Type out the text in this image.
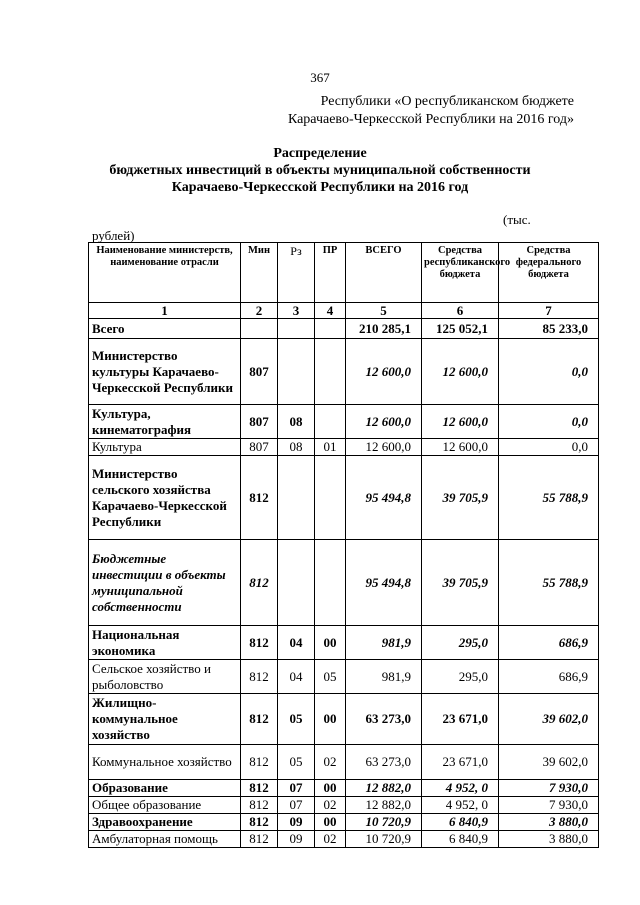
367
Республики «О республиканском бюджете
Карачаево-Черкесской Республики на 2016 год»
Распределение
бюджетных инвестиций в объекты муниципальной собственности
Карачаево-Черкесской Республики на 2016 год
(тыс.
рублей)
Наименование министерств, наименование отрасли	Мин	Рз	ПР	ВСЕГО	Средства республиканского бюджета	Средства федерального бюджета
1	2	3	4	5	6	7
Всего				210 285,1	125 052,1	85 233,0
Министерство культуры Карачаево-Черкесской Республики	807			12 600,0	12 600,0	0,0
Культура, кинематография	807	08		12 600,0	12 600,0	0,0
Культура	807	08	01	12 600,0	12 600,0	0,0
Министерство сельского хозяйства Карачаево-Черкесской Республики	812			95 494,8	39 705,9	55 788,9
Бюджетные инвестиции в объекты муниципальной собственности	812			95 494,8	39 705,9	55 788,9
Национальная экономика	812	04	00	981,9	295,0	686,9
Сельское хозяйство и рыболовство	812	04	05	981,9	295,0	686,9
Жилищно-коммунальное хозяйство	812	05	00	63 273,0	23 671,0	39 602,0
Коммунальное хозяйство	812	05	02	63 273,0	23 671,0	39 602,0
Образование	812	07	00	12 882,0	4 952, 0	7 930,0
Общее образование	812	07	02	12 882,0	4 952, 0	7 930,0
Здравоохранение	812	09	00	10 720,9	6 840,9	3 880,0
Амбулаторная помощь	812	09	02	10 720,9	6 840,9	3 880,0
